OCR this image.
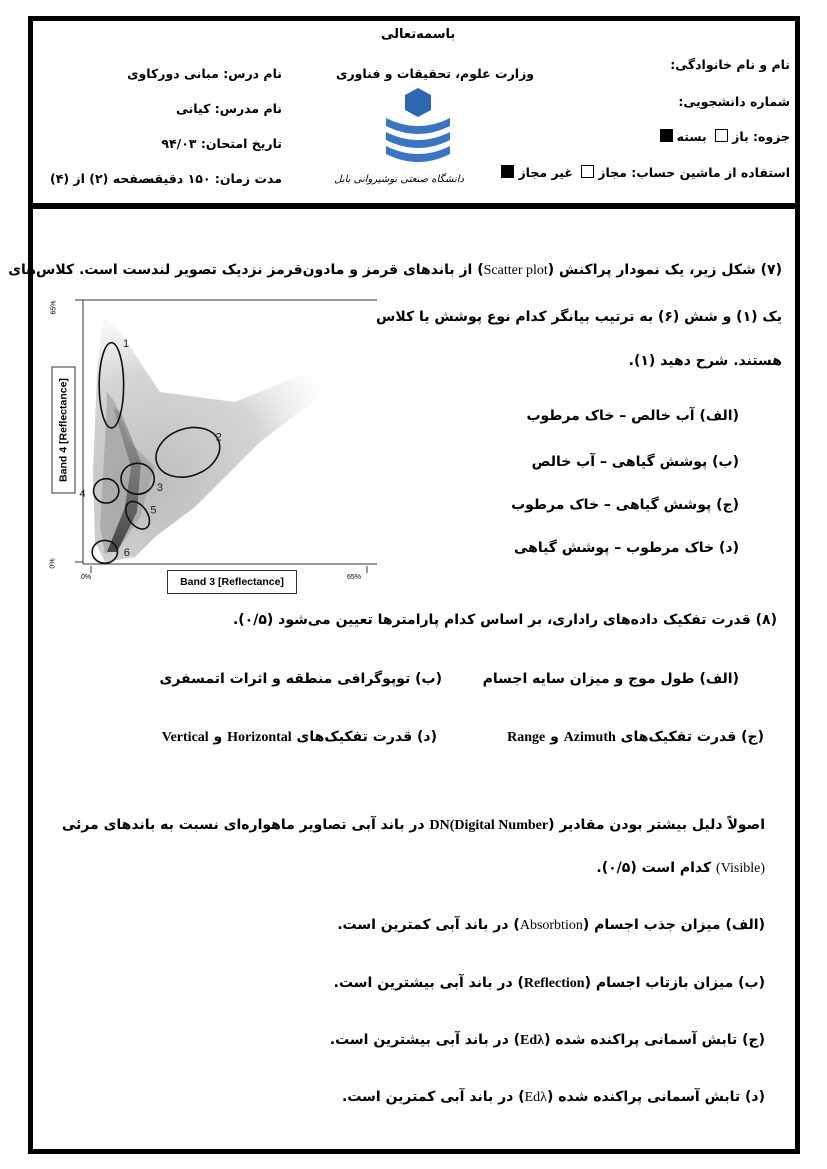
باسمه‌تعالی
وزارت علوم، تحقیقات و فناوری
دانشگاه صنعتی نوشیروانی بابل
نام درس: مبانی دورکاوی
نام مدرس: کیانی
تاریخ امتحان: ۹۴/۰۳
مدت زمان: ۱۵۰ دقیقه
صفحه (۲) از (۴)
نام و نام خانوادگی:
شماره دانشجویی:
جزوه: باز بسته
استفاده از ماشین حساب: مجاز غیر مجاز
(۷) شکل زیر، یک نمودار پراکنش (Scatter plot) از باندهای قرمز و مادون‌قرمز نزدیک تصویر لندست است. کلاس‌های
یک (۱) و شش (۶) به ترتیب بیانگر کدام نوع پوشش یا کلاس
هستند. شرح دهید (۱).
(الف) آب خالص – خاک مرطوب
(ب) پوشش گیاهی – آب خالص
(ج) پوشش گیاهی – خاک مرطوب
(د) خاک مرطوب – پوشش گیاهی
1
2
3
4
5
6
Band 3 [Reflectance]
Band 4 [Reflectance]
0%	65%
0%
65%
(۸) قدرت تفکیک داده‌های راداری، بر اساس کدام پارامترها تعیین می‌شود (۰/۵).
(الف) طول موج و میزان سایه اجسام
(ب) توپوگرافی منطقه و اثرات اتمسفری
(ج) قدرت تفکیک‌های Azimuth و Range
(د) قدرت تفکیک‌های Horizontal و Vertical
اصولاً دلیل بیشتر بودن مقادیر (DN(Digital Number در باند آبی تصاویر ماهواره‌ای نسبت به باندهای مرئی
(Visible) کدام است (۰/۵).
(الف) میزان جذب اجسام (Absorbtion) در باند آبی کمترین است.
(ب) میزان بازتاب اجسام (Reflection) در باند آبی بیشترین است.
(ج) تابش آسمانی پراکنده شده (Edλ) در باند آبی بیشترین است.
(د) تابش آسمانی پراکنده شده (Edλ) در باند آبی کمترین است.
